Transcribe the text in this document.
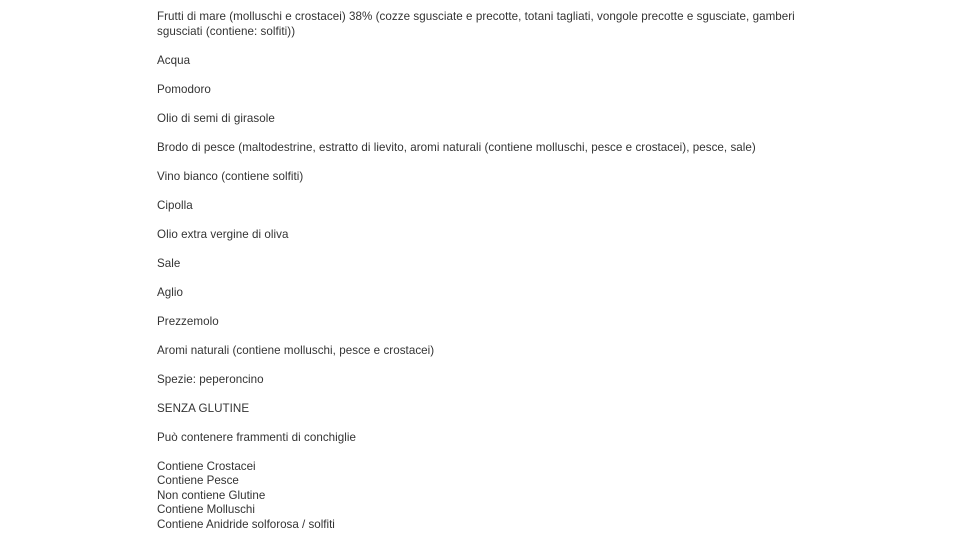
Frutti di mare (molluschi e crostacei) 38% (cozze sgusciate e precotte, totani tagliati, vongole precotte e sgusciate, gamberi sgusciati (contiene: solfiti))

Acqua

Pomodoro

Olio di semi di girasole

Brodo di pesce (maltodestrine, estratto di lievito, aromi naturali (contiene molluschi, pesce e crostacei), pesce, sale)

Vino bianco (contiene solfiti)

Cipolla

Olio extra vergine di oliva

Sale

Aglio

Prezzemolo

Aromi naturali (contiene molluschi, pesce e crostacei)

Spezie: peperoncino

SENZA GLUTINE

Può contenere frammenti di conchiglie

Contiene Crostacei
Contiene Pesce
Non contiene Glutine
Contiene Molluschi
Contiene Anidride solforosa / solfiti
